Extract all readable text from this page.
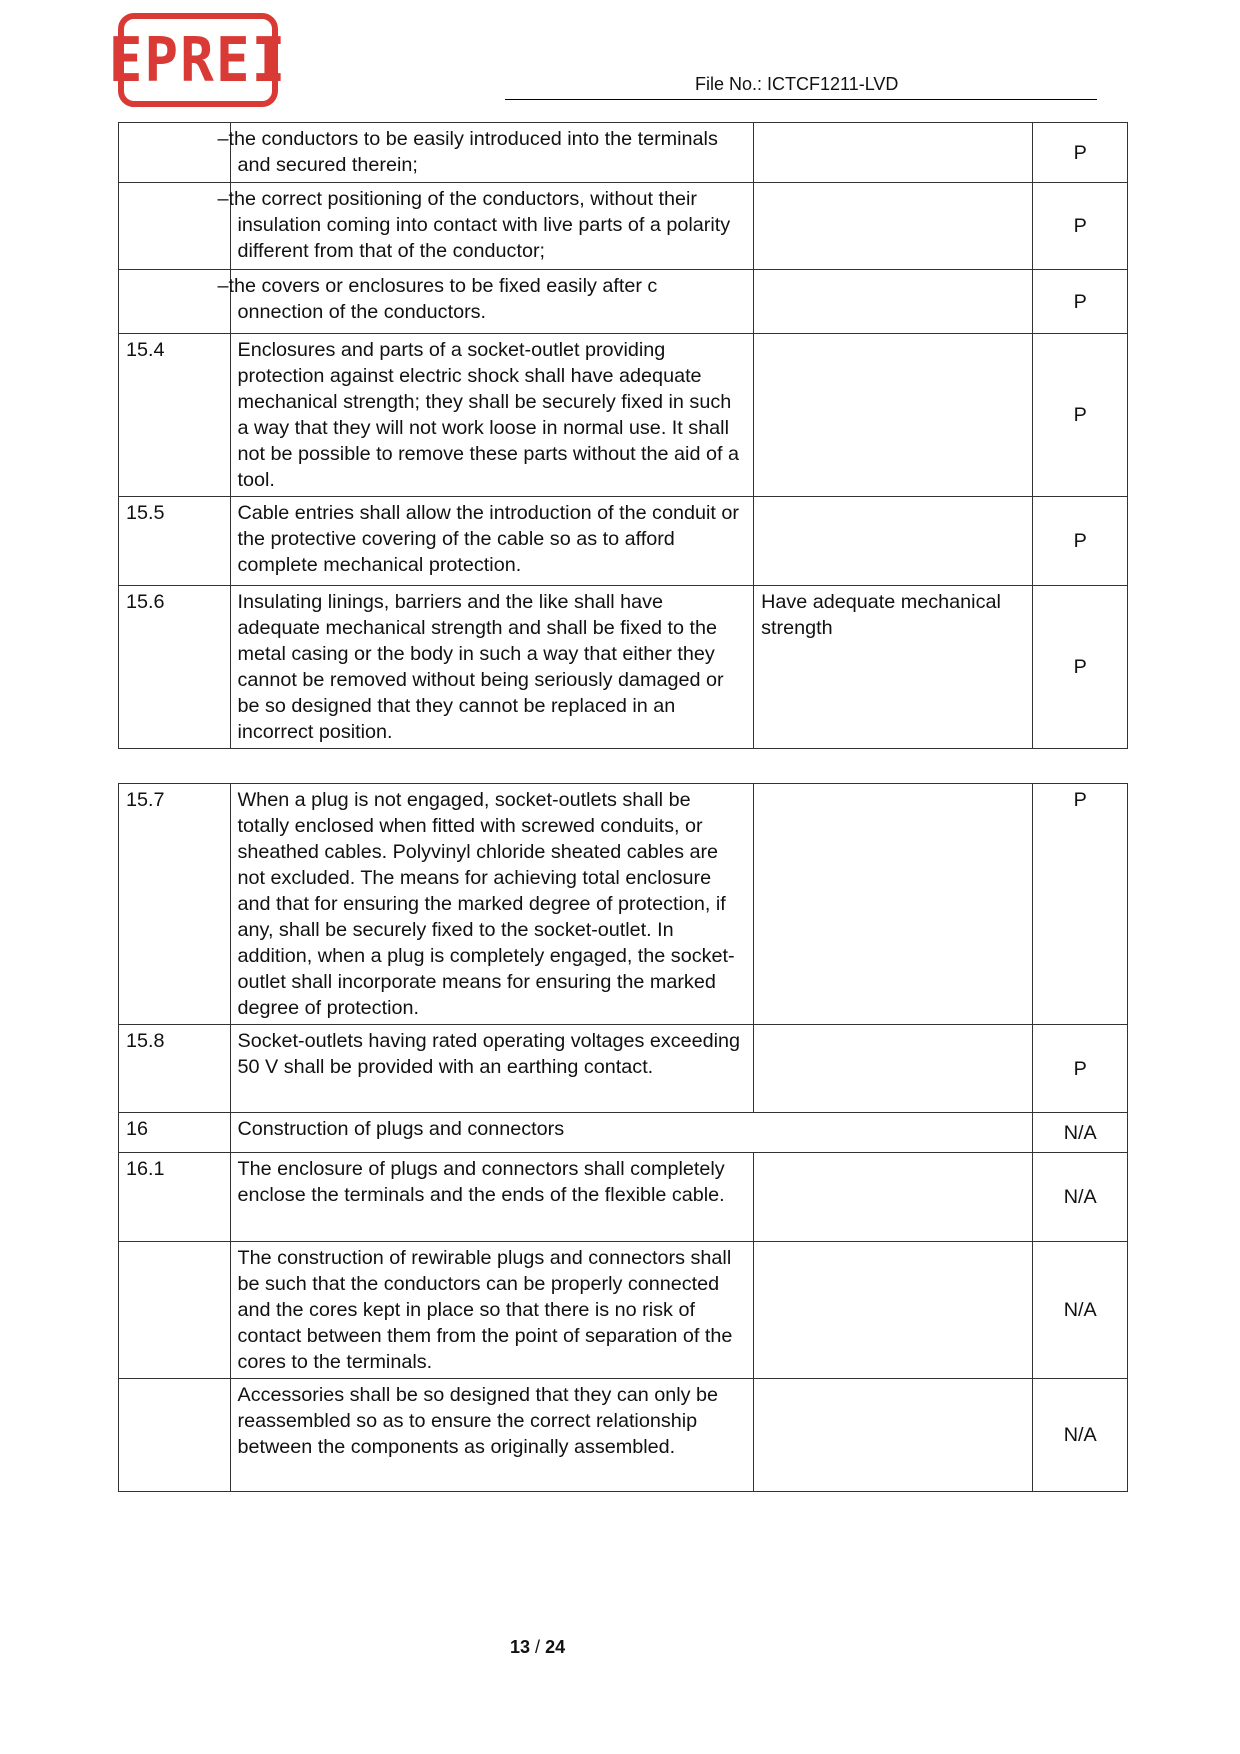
EPREI	File No.: ICTCF1211-LVD
	–the conductors to be easily introduced into the terminals and secured therein;		P
	–the correct positioning of the conductors, without their insulation coming into contact with live parts of a polarity different from that of the conductor;		P
	–the covers or enclosures to be fixed easily after c onnection of the conductors.		P
15.4	Enclosures and parts of a socket-outlet providing protection against electric shock shall have adequate mechanical strength; they shall be securely fixed in such a way that they will not work loose in normal use. It shall not be possible to remove these parts without the aid of a tool.		P
15.5	Cable entries shall allow the introduction of the conduit or the protective covering of the cable so as to afford complete mechanical protection.		P
15.6	Insulating linings, barriers and the like shall have adequate mechanical strength and shall be fixed to the metal casing or the body in such a way that either they cannot be removed without being seriously damaged or be so designed that they cannot be replaced in an incorrect position.	Have adequate mechanical strength	P
15.7	When a plug is not engaged, socket-outlets shall be totally enclosed when fitted with screwed conduits, or sheathed cables. Polyvinyl chloride sheated cables are not excluded. The means for achieving total enclosure and that for ensuring the marked degree of protection, if any, shall be securely fixed to the socket-outlet. In addition, when a plug is completely engaged, the socket-outlet shall incorporate means for ensuring the marked degree of protection.		P
15.8	Socket-outlets having rated operating voltages exceeding 50 V shall be provided with an earthing contact.		P
16	Construction of plugs and connectors		N/A
16.1	The enclosure of plugs and connectors shall completely enclose the terminals and the ends of the flexible cable.		N/A
	The construction of rewirable plugs and connectors shall be such that the conductors can be properly connected and the cores kept in place so that there is no risk of contact between them from the point of separation of the cores to the terminals.		N/A
	Accessories shall be so designed that they can only be reassembled so as to ensure the correct relationship between the components as originally assembled.		N/A
13 / 24
